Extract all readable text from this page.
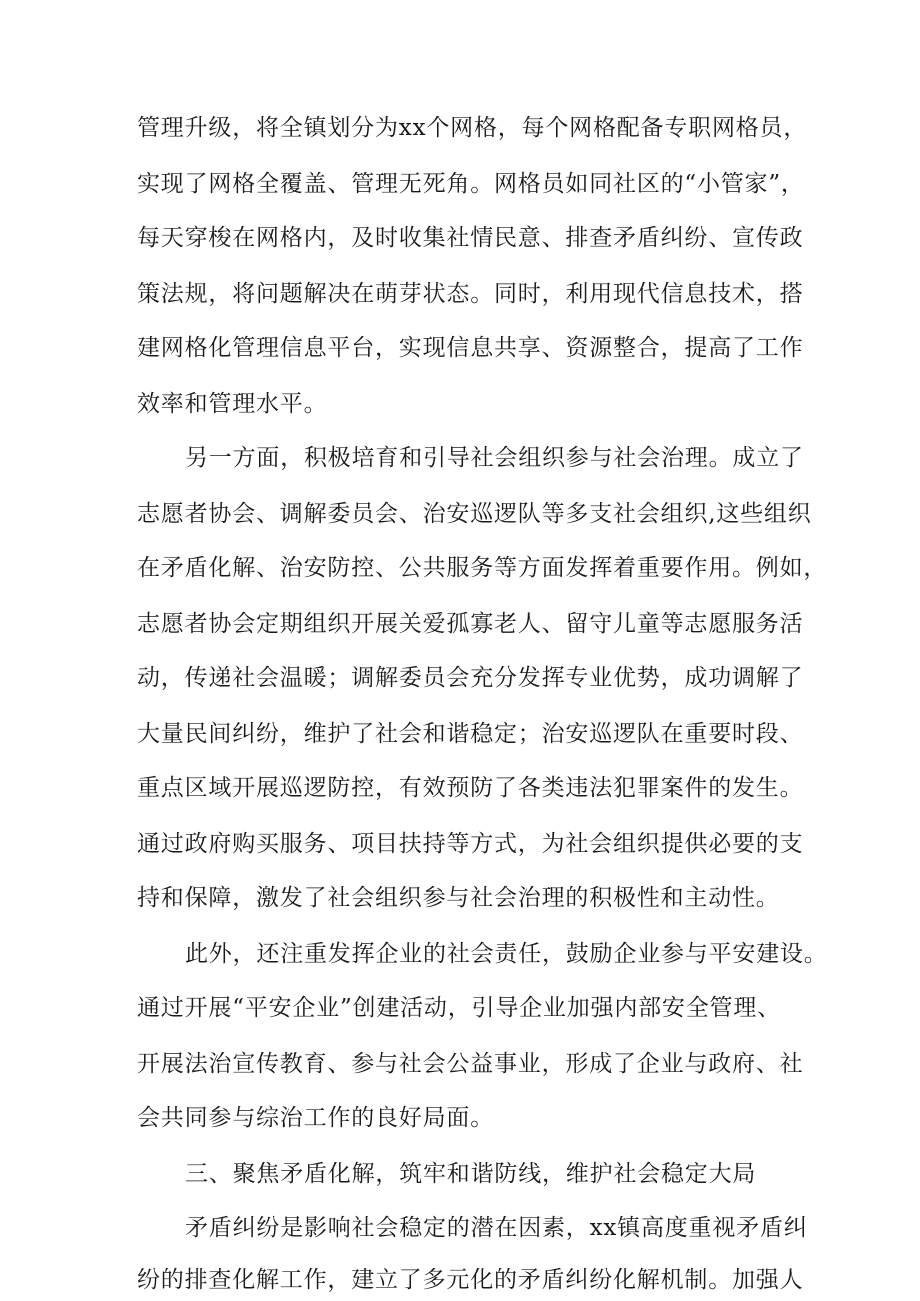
管理升级，将全镇划分为xx个网格，每个网格配备专职网格员，
实现了网格全覆盖、管理无死角。网格员如同社区的“小管家”，
每天穿梭在网格内，及时收集社情民意、排查矛盾纠纷、宣传政
策法规，将问题解决在萌芽状态。同时，利用现代信息技术，搭
建网格化管理信息平台，实现信息共享、资源整合，提高了工作
效率和管理水平。
另一方面，积极培育和引导社会组织参与社会治理。成立了
志愿者协会、调解委员会、治安巡逻队等多支社会组织,这些组织
在矛盾化解、治安防控、公共服务等方面发挥着重要作用。例如，
志愿者协会定期组织开展关爱孤寡老人、留守儿童等志愿服务活
动，传递社会温暖；调解委员会充分发挥专业优势，成功调解了
大量民间纠纷，维护了社会和谐稳定；治安巡逻队在重要时段、
重点区域开展巡逻防控，有效预防了各类违法犯罪案件的发生。
通过政府购买服务、项目扶持等方式，为社会组织提供必要的支
持和保障，激发了社会组织参与社会治理的积极性和主动性。
此外，还注重发挥企业的社会责任，鼓励企业参与平安建设。
通过开展“平安企业”创建活动，引导企业加强内部安全管理、
开展法治宣传教育、参与社会公益事业，形成了企业与政府、社
会共同参与综治工作的良好局面。
三、聚焦矛盾化解，筑牢和谐防线，维护社会稳定大局
矛盾纠纷是影响社会稳定的潜在因素，xx镇高度重视矛盾纠
纷的排查化解工作，建立了多元化的矛盾纠纷化解机制。加强人
